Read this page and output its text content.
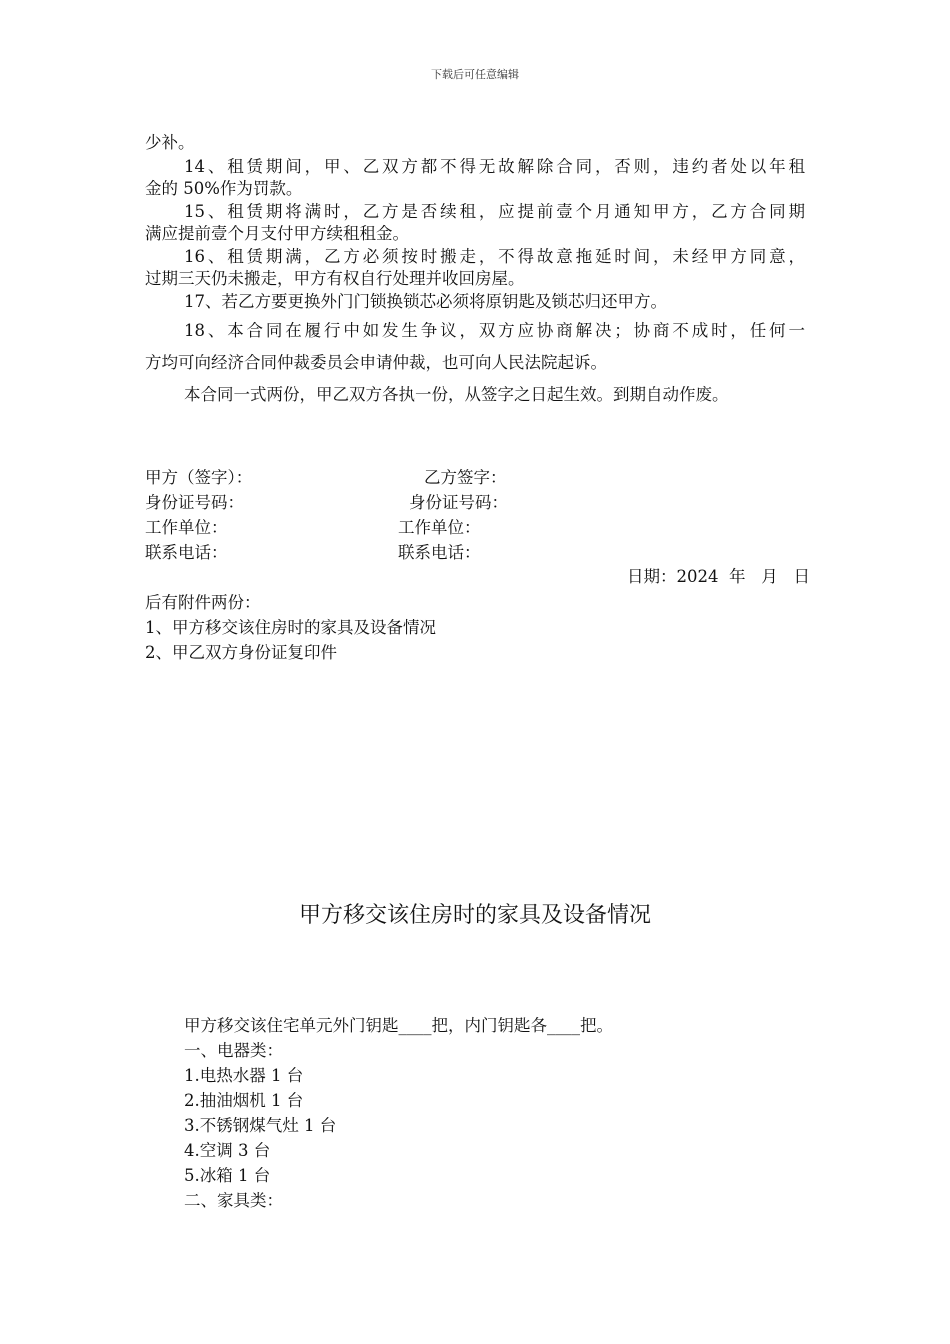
下载后可任意编辑
少补。
14、租赁期间，甲、乙双方都不得无故解除合同，否则，违约者处以年租
金的 50%作为罚款。
15、租赁期将满时，乙方是否续租，应提前壹个月通知甲方，乙方合同期
满应提前壹个月支付甲方续租租金。
16、租赁期满，乙方必须按时搬走，不得故意拖延时间，未经甲方同意，
过期三天仍未搬走，甲方有权自行处理并收回房屋。
17、若乙方要更换外门门锁换锁芯必须将原钥匙及锁芯归还甲方。
18、本合同在履行中如发生争议，双方应协商解决；协商不成时，任何一
方均可向经济合同仲裁委员会申请仲裁，也可向人民法院起诉。
本合同一式两份，甲乙双方各执一份，从签字之日起生效。到期自动作废。
甲方（签字）：	乙方签字：
身份证号码：	身份证号码：
工作单位：	工作单位：
联系电话：	联系电话：
日期：2024  年   月   日
后有附件两份：
1、甲方移交该住房时的家具及设备情况
2、甲乙双方身份证复印件
甲方移交该住房时的家具及设备情况
甲方移交该住宅单元外门钥匙____把，内门钥匙各____把。
一、电器类：
1.电热水器 1 台
2.抽油烟机 1 台
3.不锈钢煤气灶 1 台
4.空调 3 台
5.冰箱 1 台
二、家具类：
